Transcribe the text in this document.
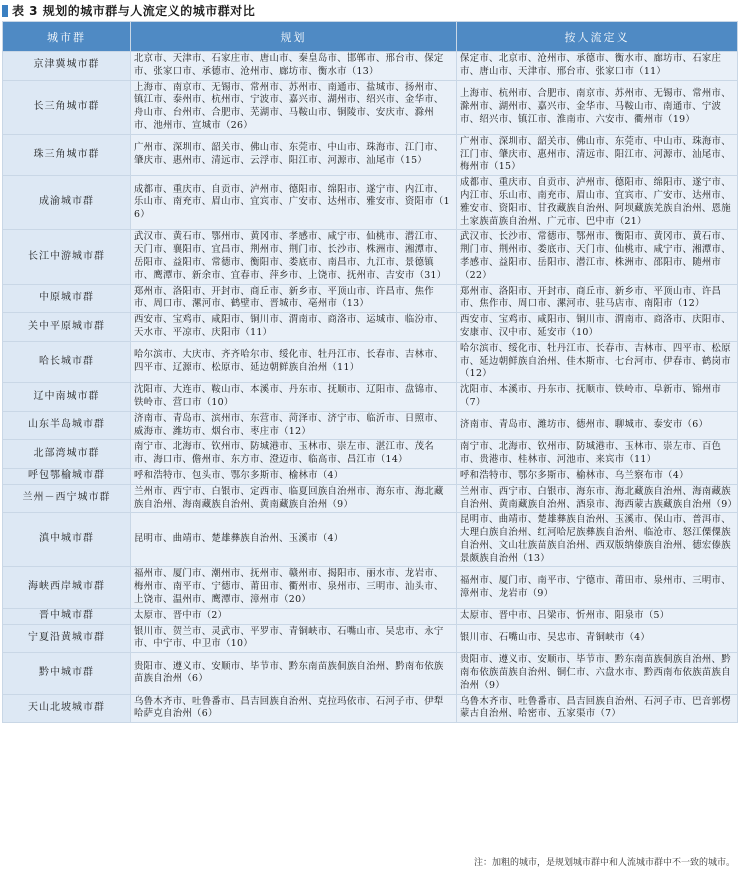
表 3 规划的城市群与人流定义的城市群对比
城市群	规划	按人流定义
京津冀城市群	北京市、天津市、石家庄市、唐山市、秦皇岛市、邯郸市、邢台市、保定市、张家口市、承德市、沧州市、廊坊市、衡水市（13）	保定市、北京市、沧州市、承德市、衡水市、廊坊市、石家庄市、唐山市、天津市、邢台市、张家口市（11）
长三角城市群	上海市、南京市、无锡市、常州市、苏州市、南通市、盐城市、扬州市、镇江市、泰州市、杭州市、宁波市、嘉兴市、湖州市、绍兴市、金华市、舟山市、台州市、合肥市、芜湖市、马鞍山市、铜陵市、安庆市、滁州市、池州市、宣城市（26）	上海市、杭州市、合肥市、南京市、苏州市、无锡市、常州市、滁州市、湖州市、嘉兴市、金华市、马鞍山市、南通市、宁波市、绍兴市、镇江市、淮南市、六安市、衢州市（19）
珠三角城市群	广州市、深圳市、韶关市、佛山市、东莞市、中山市、珠海市、江门市、肇庆市、惠州市、清远市、云浮市、阳江市、河源市、汕尾市（15）	广州市、深圳市、韶关市、佛山市、东莞市、中山市、珠海市、江门市、肇庆市、惠州市、清远市、阳江市、河源市、汕尾市、梅州市（15）
成渝城市群	成都市、重庆市、自贡市、泸州市、德阳市、绵阳市、遂宁市、内江市、乐山市、南充市、眉山市、宜宾市、广安市、达州市、雅安市、资阳市（16）	成都市、重庆市、自贡市、泸州市、德阳市、绵阳市、遂宁市、内江市、乐山市、南充市、眉山市、宜宾市、广安市、达州市、雅安市、资阳市、甘孜藏族自治州、阿坝藏族羌族自治州、恩施土家族苗族自治州、广元市、巴中市（21）
长江中游城市群	武汉市、黄石市、鄂州市、黄冈市、孝感市、咸宁市、仙桃市、潜江市、天门市、襄阳市、宜昌市、荆州市、荆门市、长沙市、株洲市、湘潭市、岳阳市、益阳市、常德市、衡阳市、娄底市、南昌市、九江市、景德镇市、鹰潭市、新余市、宜春市、萍乡市、上饶市、抚州市、吉安市（31）	武汉市、长沙市、常德市、鄂州市、衡阳市、黄冈市、黄石市、荆门市、荆州市、娄底市、天门市、仙桃市、咸宁市、湘潭市、孝感市、益阳市、岳阳市、潜江市、株洲市、邵阳市、随州市（22）
中原城市群	郑州市、洛阳市、开封市、商丘市、新乡市、平顶山市、许昌市、焦作市、周口市、漯河市、鹤壁市、晋城市、亳州市（13）	郑州市、洛阳市、开封市、商丘市、新乡市、平顶山市、许昌市、焦作市、周口市、漯河市、驻马店市、南阳市（12）
关中平原城市群	西安市、宝鸡市、咸阳市、铜川市、渭南市、商洛市、运城市、临汾市、天水市、平凉市、庆阳市（11）	西安市、宝鸡市、咸阳市、铜川市、渭南市、商洛市、庆阳市、安康市、汉中市、延安市（10）
哈长城市群	哈尔滨市、大庆市、齐齐哈尔市、绥化市、牡丹江市、长春市、吉林市、四平市、辽源市、松原市、延边朝鲜族自治州（11）	哈尔滨市、绥化市、牡丹江市、长春市、吉林市、四平市、松原市、延边朝鲜族自治州、佳木斯市、七台河市、伊春市、鹤岗市（12）
辽中南城市群	沈阳市、大连市、鞍山市、本溪市、丹东市、抚顺市、辽阳市、盘锦市、铁岭市、营口市（10）	沈阳市、本溪市、丹东市、抚顺市、铁岭市、阜新市、锦州市（7）
山东半岛城市群	济南市、青岛市、滨州市、东营市、菏泽市、济宁市、临沂市、日照市、威海市、潍坊市、烟台市、枣庄市（12）	济南市、青岛市、潍坊市、德州市、聊城市、泰安市（6）
北部湾城市群	南宁市、北海市、钦州市、防城港市、玉林市、崇左市、湛江市、茂名市、海口市、儋州市、东方市、澄迈市、临高市、昌江市（14）	南宁市、北海市、钦州市、防城港市、玉林市、崇左市、百色市、贵港市、桂林市、河池市、来宾市（11）
呼包鄂榆城市群	呼和浩特市、包头市、鄂尔多斯市、榆林市（4）	呼和浩特市、鄂尔多斯市、榆林市、乌兰察布市（4）
兰州－西宁城市群	兰州市、西宁市、白银市、定西市、临夏回族自治州市、海东市、海北藏族自治州、海南藏族自治州、黄南藏族自治州（9）	兰州市、西宁市、白银市、海东市、海北藏族自治州、海南藏族自治州、黄南藏族自治州、酒泉市、海西蒙古族藏族自治州（9）
滇中城市群	昆明市、曲靖市、楚雄彝族自治州、玉溪市（4）	昆明市、曲靖市、楚雄彝族自治州、玉溪市、保山市、普洱市、大理白族自治州、红河哈尼族彝族自治州、临沧市、怒江傈僳族自治州、文山壮族苗族自治州、西双版纳傣族自治州、德宏傣族景颇族自治州（13）
海峡西岸城市群	福州市、厦门市、潮州市、抚州市、赣州市、揭阳市、丽水市、龙岩市、梅州市、南平市、宁德市、莆田市、衢州市、泉州市、三明市、汕头市、上饶市、温州市、鹰潭市、漳州市（20）	福州市、厦门市、南平市、宁德市、莆田市、泉州市、三明市、漳州市、龙岩市（9）
晋中城市群	太原市、晋中市（2）	太原市、晋中市、吕梁市、忻州市、阳泉市（5）
宁夏沿黄城市群	银川市、贺兰市、灵武市、平罗市、青铜峡市、石嘴山市、吴忠市、永宁市、中宁市、中卫市（10）	银川市、石嘴山市、吴忠市、青铜峡市（4）
黔中城市群	贵阳市、遵义市、安顺市、毕节市、黔东南苗族侗族自治州、黔南布依族苗族自治州（6）	贵阳市、遵义市、安顺市、毕节市、黔东南苗族侗族自治州、黔南布依族苗族自治州、铜仁市、六盘水市、黔西南布依族苗族自治州（9）
天山北坡城市群	乌鲁木齐市、吐鲁番市、昌吉回族自治州、克拉玛依市、石河子市、伊犁哈萨克自治州（6）	乌鲁木齐市、吐鲁番市、昌吉回族自治州、石河子市、巴音郭楞蒙古自治州、哈密市、五家渠市（7）
注：加粗的城市，是规划城市群中和人流城市群中不一致的城市。
